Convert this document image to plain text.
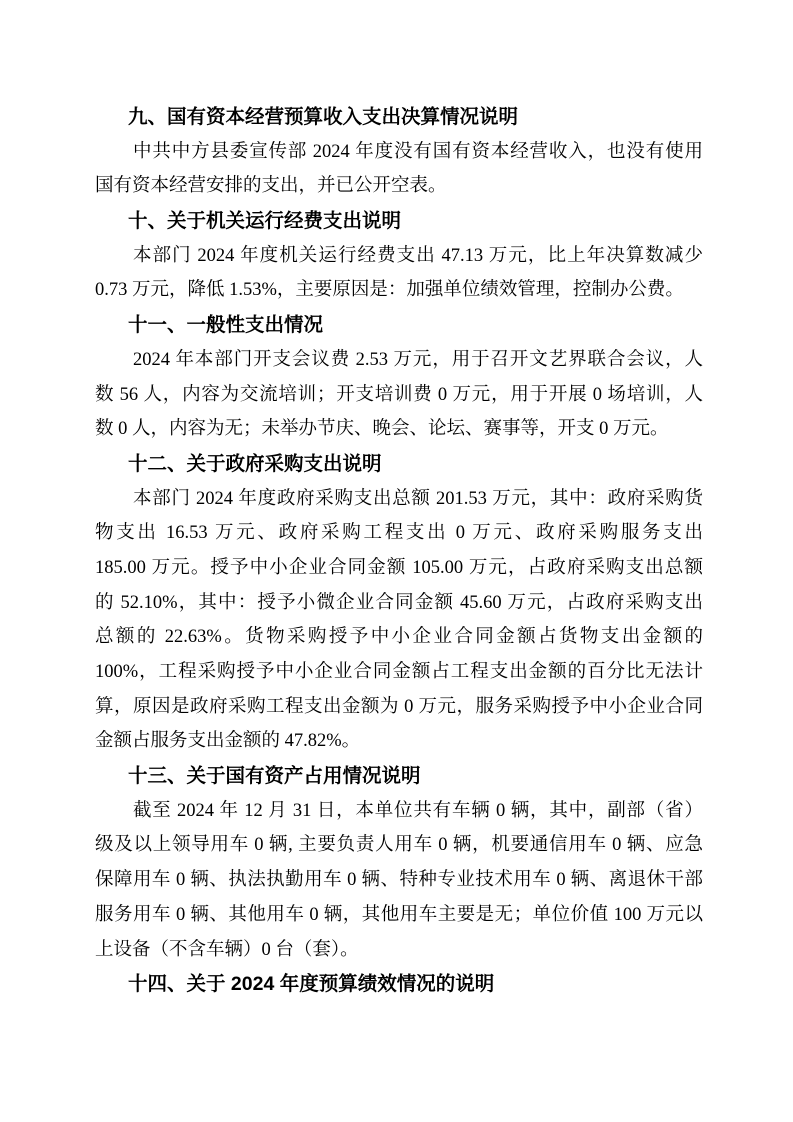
九、国有资本经营预算收入支出决算情况说明
中共中方县委宣传部 2024 年度没有国有资本经营收入，也没有使用
国有资本经营安排的支出，并已公开空表。
十、关于机关运行经费支出说明
本部门 2024 年度机关运行经费支出 47.13 万元，比上年决算数减少
0.73 万元，降低 1.53%，主要原因是：加强单位绩效管理，控制办公费。
十一、一般性支出情况
2024 年本部门开支会议费 2.53 万元，用于召开文艺界联合会议，人
数 56 人，内容为交流培训；开支培训费 0 万元，用于开展 0 场培训，人
数 0 人，内容为无；未举办节庆、晚会、论坛、赛事等，开支 0 万元。
十二、关于政府采购支出说明
本部门 2024 年度政府采购支出总额 201.53 万元，其中：政府采购货
物支出 16.53 万元、政府采购工程支出 0 万元、政府采购服务支出
185.00 万元。授予中小企业合同金额 105.00 万元，占政府采购支出总额
的 52.10%，其中：授予小微企业合同金额 45.60 万元，占政府采购支出
总额的 22.63%。货物采购授予中小企业合同金额占货物支出金额的
100%，工程采购授予中小企业合同金额占工程支出金额的百分比无法计
算，原因是政府采购工程支出金额为 0 万元，服务采购授予中小企业合同
金额占服务支出金额的 47.82%。
十三、关于国有资产占用情况说明
截至 2024 年 12 月 31 日，本单位共有车辆 0 辆，其中，副部（省）
级及以上领导用车 0 辆, 主要负责人用车 0 辆，机要通信用车 0 辆、应急
保障用车 0 辆、执法执勤用车 0 辆、特种专业技术用车 0 辆、离退休干部
服务用车 0 辆、其他用车 0 辆，其他用车主要是无；单位价值 100 万元以
上设备（不含车辆）0 台（套）。
十四、关于 2024 年度预算绩效情况的说明
